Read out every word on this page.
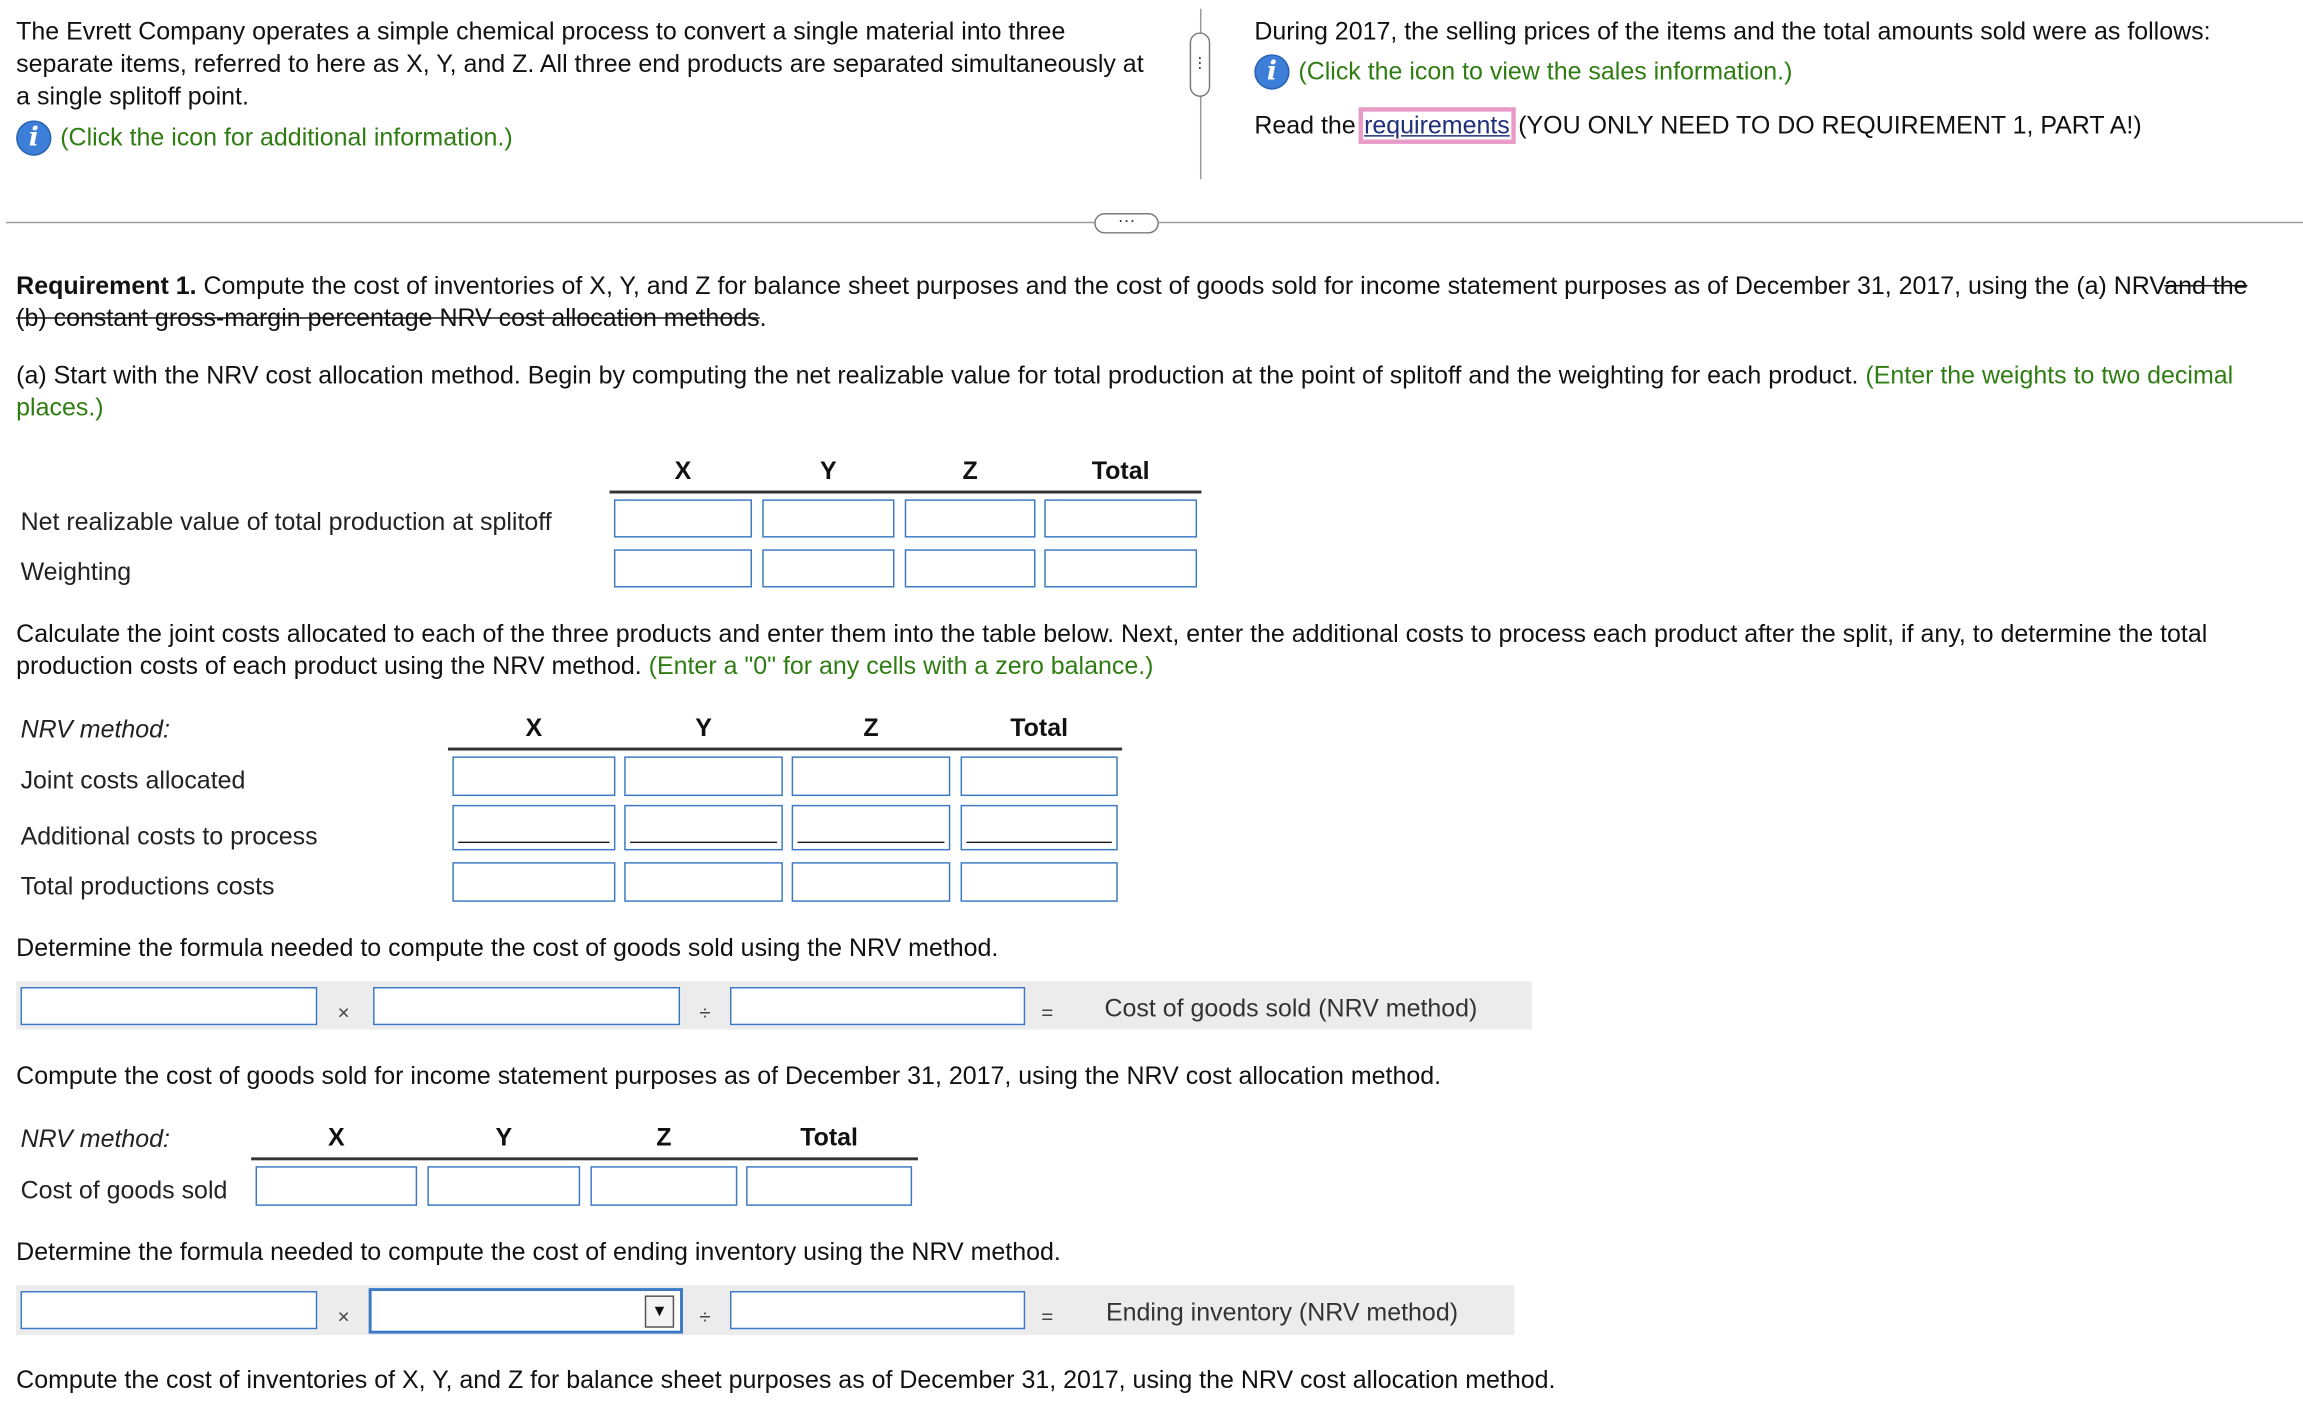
The Evrett Company operates a simple chemical process to convert a single material into three separate items, referred to here as X, Y, and Z. All three end products are separated simultaneously at a single splitoff point.
i	(Click the icon for additional information.)
⋮
During 2017, the selling prices of the items and the total amounts sold were as follows:
i	(Click the icon to view the sales information.)
Read the requirements (YOU ONLY NEED TO DO REQUIREMENT 1, PART A!)
···
Requirement 1. Compute the cost of inventories of X, Y, and Z for balance sheet purposes and the cost of goods sold for income statement purposes as of December 31, 2017, using the (a) NRVand the (b) constant gross-margin percentage NRV cost allocation methods.
(a) Start with the NRV cost allocation method. Begin by computing the net realizable value for total production at the point of splitoff and the weighting for each product. (Enter the weights to two decimal places.)
X	Y	Z	Total
Net realizable value of total production at splitoff
Weighting
Calculate the joint costs allocated to each of the three products and enter them into the table below. Next, enter the additional costs to process each product after the split, if any, to determine the total production costs of each product using the NRV method. (Enter a "0" for any cells with a zero balance.)
NRV method:	X	Y	Z	Total
Joint costs allocated
Additional costs to process
Total productions costs
Determine the formula needed to compute the cost of goods sold using the NRV method.
×	÷	=	Cost of goods sold (NRV method)
Compute the cost of goods sold for income statement purposes as of December 31, 2017, using the NRV cost allocation method.
NRV method:	X	Y	Z	Total
Cost of goods sold
Determine the formula needed to compute the cost of ending inventory using the NRV method.
×	▼	÷	=	Ending inventory (NRV method)
Compute the cost of inventories of X, Y, and Z for balance sheet purposes as of December 31, 2017, using the NRV cost allocation method.
